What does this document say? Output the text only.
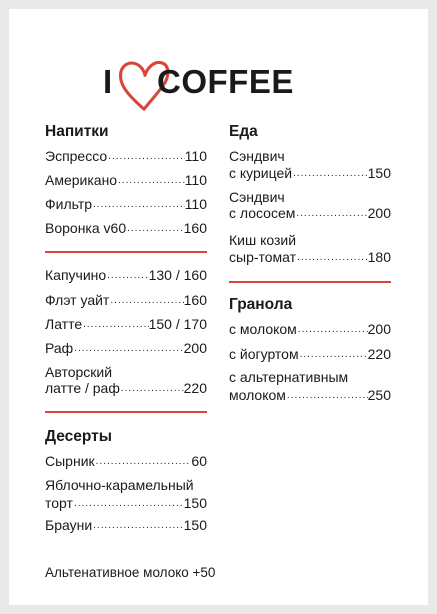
I COFFEE
Напитки
Эспрессо .....	110
Американо .....	110
Фильтр .....	110
Воронка v60 .....	160
Капучино .....	130 / 160
Флэт уайт .....	160
Латте .....	150 / 170
Раф .....	200
Авторский
латте / раф .....	220
Десерты
Сырник .....	60
Яблочно-карамельный
торт .....	150
Брауни .....	150
Еда
Сэндвич
с курицей .....	150
Сэндвич
с лососем .....	200
Киш козий
сыр-томат .....	180
Гранола
с молоком .....	200
с йогуртом .....	220
с альтернативным
молоком .....	250
Альтенативное молоко +50
